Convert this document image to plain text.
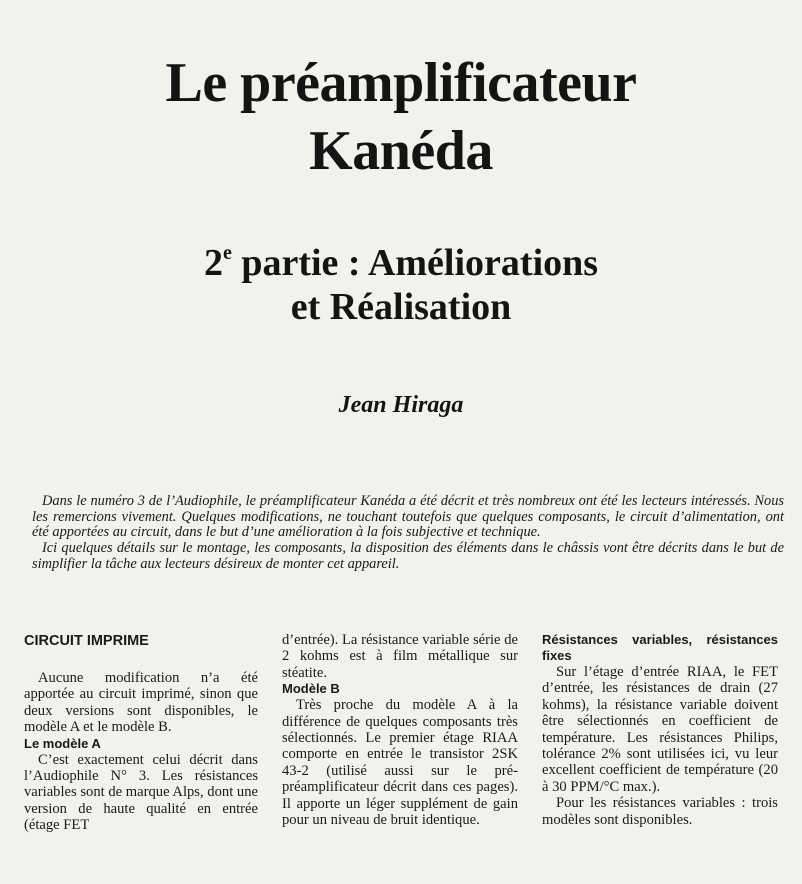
Le préamplificateur
Kanéda
2e partie : Améliorations
et Réalisation
Jean Hiraga

Dans le numéro 3 de l’Audiophile, le préamplificateur Kanéda a été décrit et très nombreux ont été les lecteurs intéressés. Nous les remercions vivement. Quelques modifications, ne touchant toutefois que quelques composants, le circuit d’alimentation, ont été apportées au circuit, dans le but d’une amélioration à la fois subjective et technique.

Ici quelques détails sur le montage, les composants, la disposition des éléments dans le châssis vont être décrits dans le but de simplifier la tâche aux lecteurs désireux de monter cet appareil.

CIRCUIT IMPRIME

Aucune modification n’a été apportée au circuit imprimé, sinon que deux versions sont disponibles, le modèle A et le modèle B.

Le modèle A

C’est exactement celui décrit dans l’Audiophile N° 3. Les résistances variables sont de marque Alps, dont une version de haute qualité en entrée (étage FET

d’entrée). La résistance variable série de 2 kohms est à film métallique sur stéatite.

Modèle B

Très proche du modèle A à la différence de quelques composants très sélectionnés. Le premier étage RIAA comporte en entrée le transistor 2SK 43-2 (utilisé aussi sur le pré-préamplificateur décrit dans ces pages). Il apporte un léger supplément de gain pour un niveau de bruit identique.

Résistances variables, résistances fixes

Sur l’étage d’entrée RIAA, le FET d’entrée, les résistances de drain (27 kohms), la résistance variable doivent être sélectionnés en coefficient de température. Les résistances Philips, tolérance 2% sont utilisées ici, vu leur excellent coefficient de température (20 à 30 PPM/°C max.).

Pour les résistances variables : trois modèles sont disponibles.
